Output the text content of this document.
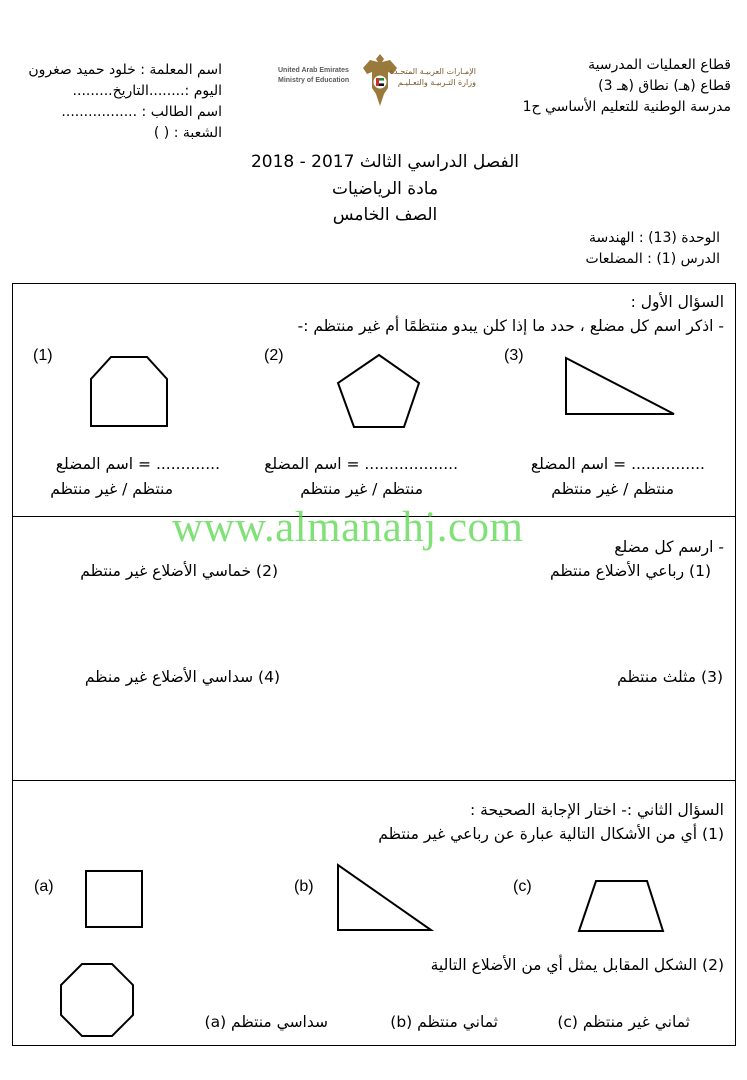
قطاع العمليات المدرسية
قطاع (هـ) نطاق (هـ 3)
مدرسة الوطنية للتعليم الأساسي ح1
اسم المعلمة : خلود حميد صغرون
اليوم :........التاريخ.........
اسم الطالب : .................
الشعبة : ( )
United Arab Emirates
Ministry of Education
الإمـارات العربيـة المتحـدة
وزارة التـربيـة والتعـليـم
الفصل الدراسي الثالث 2017 - 2018
مادة الرياضيات
الصف الخامس
الوحدة (13) : الهندسة
الدرس (1) : المضلعات
السؤال الأول :
- اذكر اسم كل مضلع ، حدد ما إذا كلن يبدو منتظمًا أم غير منتظم :-
(1)	(2)	(3)
............. = اسم المضلع	................... = اسم المضلع	............... = اسم المضلع
منتظم / غير منتظم	منتظم / غير منتظم	منتظم / غير منتظم
www.almanahj.com	- ارسم كل مضلع
(1) رباعي الأضلاع منتظم
(2) خماسي الأضلاع غير منتظم
(3) مثلث منتظم
(4) سداسي الأضلاع غير منظم
السؤال الثاني :- اختار الإجابة الصحيحة :
(1) أي من الأشكال التالية عبارة عن رباعي غير منتظم
(a)	(b)	(c)
(2) الشكل المقابل يمثل أي من الأضلاع التالية
سداسي منتظم (a)	ثماني منتظم (b)	ثماني غير منتظم (c)
